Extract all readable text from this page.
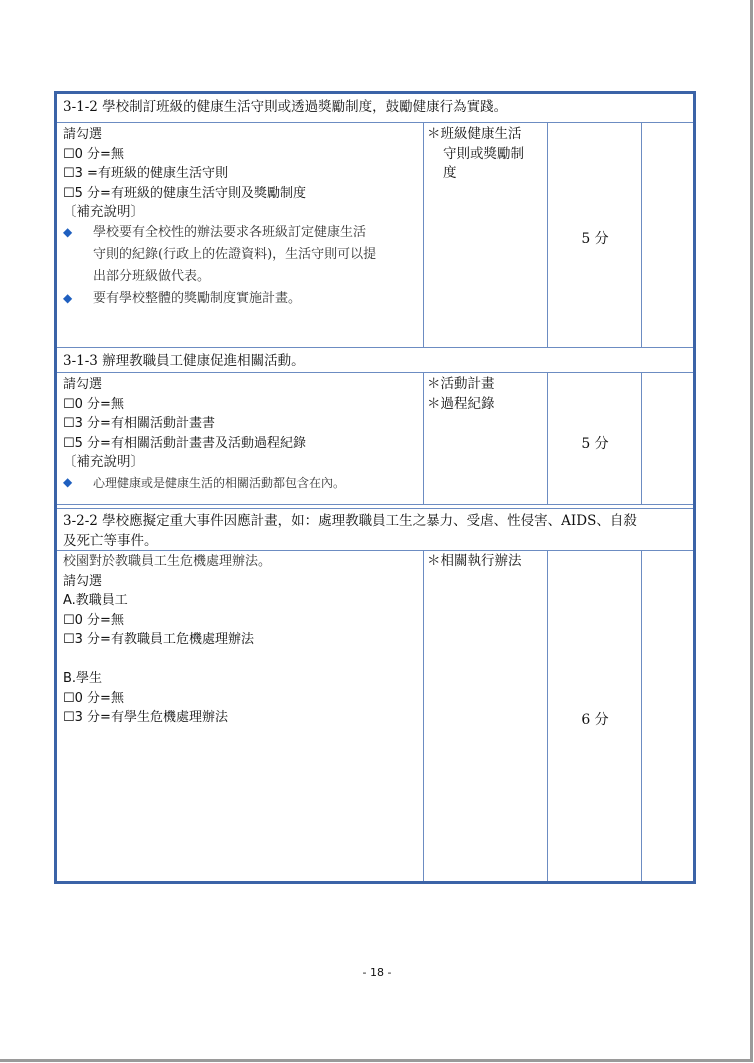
3-1-2 學校制訂班級的健康生活守則或透過獎勵制度，鼓勵健康行為實踐。
請勾選
☐0 分=無
☐3 =有班級的健康生活守則
☐5 分=有班級的健康生活守則及獎勵制度
〔補充說明〕
◆ 學校要有全校性的辦法要求各班級訂定健康生活
守則的紀錄(行政上的佐證資料)，生活守則可以提
出部分班級做代表。
◆ 要有學校整體的獎勵制度實施計畫。
＊班級健康生活
守則或獎勵制
度
5 分
3-1-3 辦理教職員工健康促進相關活動。
請勾選
☐0 分=無
☐3 分=有相關活動計畫書
☐5 分=有相關活動計畫書及活動過程紀錄
〔補充說明〕
◆ 心理健康或是健康生活的相關活動都包含在內。
＊活動計畫
＊過程紀錄
5 分
3-2-2 學校應擬定重大事件因應計畫，如：處理教職員工生之暴力、受虐、性侵害、AIDS、自殺
及死亡等事件。
校園對於教職員工生危機處理辦法。
請勾選
A.教職員工
☐0 分=無
☐3 分=有教職員工危機處理辦法
B.學生
☐0 分=無
☐3 分=有學生危機處理辦法
＊相關執行辦法
6 分
- 18 -
